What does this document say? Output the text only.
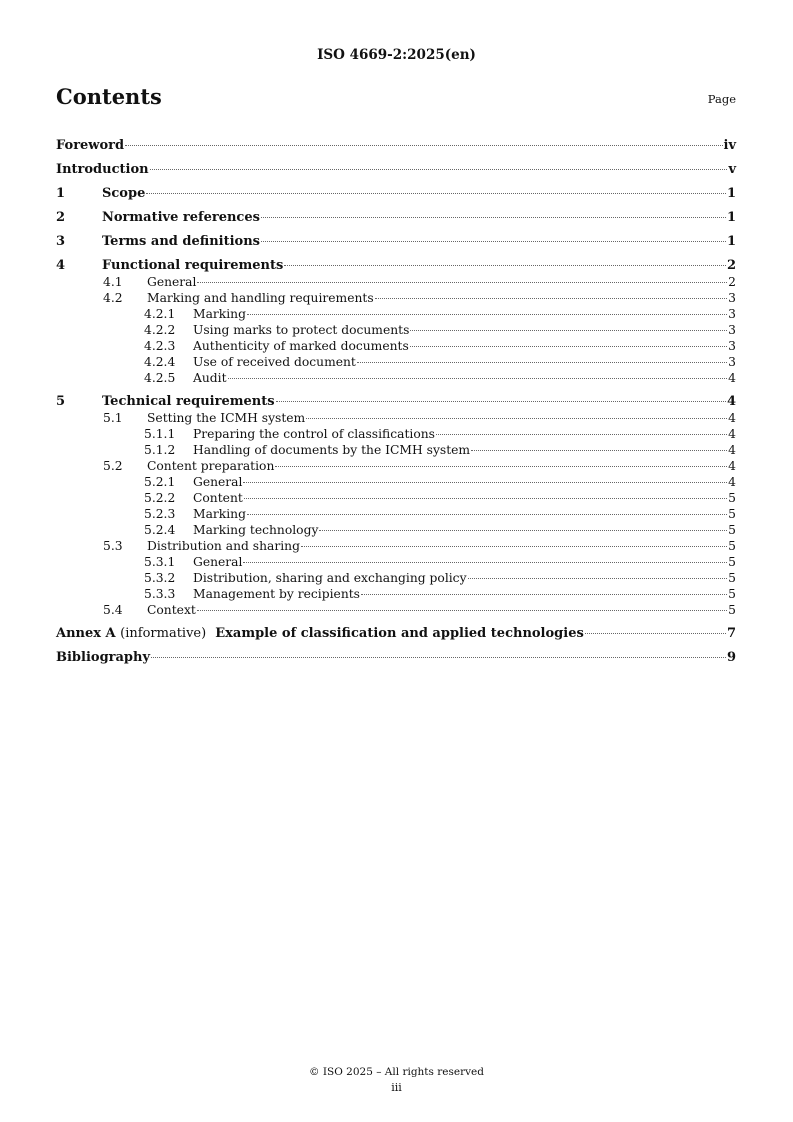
ISO 4669-2:2025(en)
Contents	Page
Foreword	iv
Introduction	v
1	Scope	1
2	Normative references	1
3	Terms and definitions	1
4	Functional requirements	2
4.1	General	2
4.2	Marking and handling requirements	3
4.2.1	Marking	3
4.2.2	Using marks to protect documents	3
4.2.3	Authenticity of marked documents	3
4.2.4	Use of received document	3
4.2.5	Audit	4
5	Technical requirements	4
5.1	Setting the ICMH system	4
5.1.1	Preparing the control of classifications	4
5.1.2	Handling of documents by the ICMH system	4
5.2	Content preparation	4
5.2.1	General	4
5.2.2	Content	5
5.2.3	Marking	5
5.2.4	Marking technology	5
5.3	Distribution and sharing	5
5.3.1	General	5
5.3.2	Distribution, sharing and exchanging policy	5
5.3.3	Management by recipients	5
5.4	Context	5
Annex A (informative) Example of classification and applied technologies	7
Bibliography	9
© ISO 2025 – All rights reserved
iii
